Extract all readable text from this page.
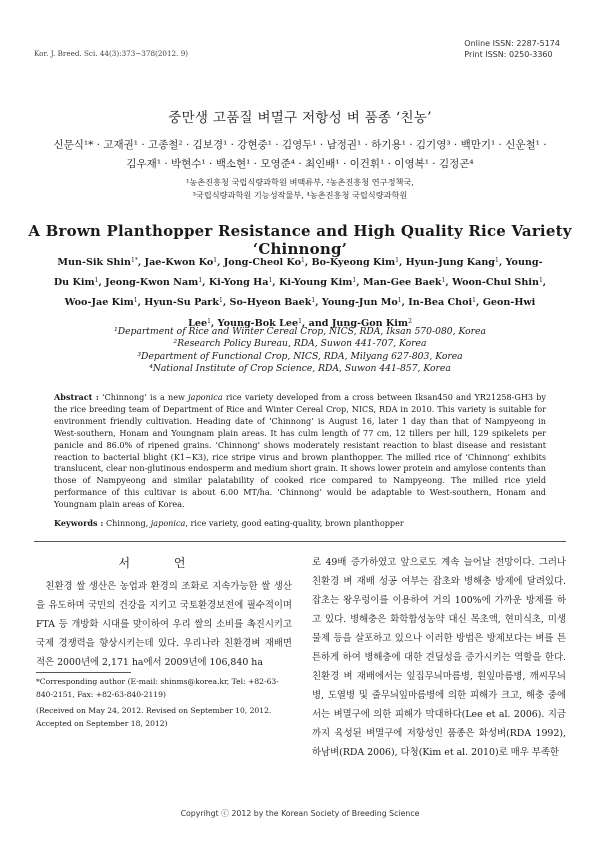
Online ISSN: 2287-5174
Print ISSN: 0250-3360
Kor. J. Breed. Sci. 44(3):373~378(2012. 9)
중만생 고품질 벼멸구 저항성 벼 품종 ‘친농’
신문식¹* · 고재권¹ · 고종철² · 김보경¹ · 강현중¹ · 김영두¹ · 남정권¹ · 하기용¹ · 김기영³ · 백만기¹ · 신운철¹ ·
김우재¹ · 박현수¹ · 백소현¹ · 모영준⁴ · 최인배¹ · 이건휘¹ · 이영복¹ · 김정곤⁴
¹농촌진흥청 국립식량과학원 벼맥류부, ²농촌진흥청 연구정책국,
³국립식량과학원 기능성작물부, ⁴농촌진흥청 국립식량과학원
A Brown Planthopper Resistance and High Quality Rice Variety ‘Chinnong’
Mun-Sik Shin$^{1*}$, Jae-Kwon Ko$^1$, Jong-Cheol Ko$^1$, Bo-Kyeong Kim$^1$, Hyun-Jung Kang$^1$, Young-Du Kim$^1$, Jeong-Kwon Nam$^1$, Ki-Yong Ha$^1$, Ki-Young Kim$^1$, Man-Gee Baek$^1$, Woon-Chul Shin$^1$, Woo-Jae Kim$^1$, Hyun-Su Park$^1$, So-Hyeon Baek$^1$, Young-Jun Mo$^1$, In-Bea Choi$^1$, Geon-Hwi Lee$^1$, Young-Bok Lee$^1$, and Jung-Gon Kim$^2$
¹Department of Rice and Winter Cereal Crop, NICS, RDA, Iksan 570-080, Korea
²Research Policy Bureau, RDA, Suwon 441-707, Korea
³Department of Functional Crop, NICS, RDA, Milyang 627-803, Korea
⁴National Institute of Crop Science, RDA, Suwon 441-857, Korea
Abstract : ‘Chinnong’ is a new japonica rice variety developed from a cross between Iksan450 and YR21258-GH3 by the rice breeding team of Department of Rice and Winter Cereal Crop, NICS, RDA in 2010. This variety is suitable for environment friendly cultivation. Heading date of ‘Chinnong’ is August 16, later 1 day than that of Nampyeong in West-southern, Honam and Youngnam plain areas. It has culm length of 77 cm, 12 tillers per hill, 129 spikelets per panicle and 86.0% of ripened grains. ‘Chinnong’ shows moderately resistant reaction to blast disease and resistant reaction to bacterial blight (K1~K3), rice stripe virus and brown planthopper. The milled rice of ‘Chinnong’ exhibits translucent, clear non-glutinous endosperm and medium short grain. It shows lower protein and amylose contents than those of Nampyeong and similar palatability of cooked rice compared to Nampyeong. The milled rice yield performance of this cultivar is about 6.00 MT/ha. ‘Chinnong’ would be adaptable to West-southern, Honam and Youngnam plain areas of Korea.
Keywords : Chinnong, japonica, rice variety, good eating-quality, brown planthopper
서 언

친환경 쌀 생산은 농업과 환경의 조화로 지속가능한 쌀 생산을 유도하며 국민의 건강을 지키고 국토환경보전에 필수적이며 FTA 등 개방화 시대를 맞이하여 우리 쌀의 소비를 촉진시키고 국제 경쟁력을 향상시키는데 있다. 우리나라 친환경벼 재배면적은 2000년에 2,171 ha에서 2009년에 106,840 ha

로 49배 증가하였고 앞으로도 계속 늘어날 전망이다. 그러나 친환경 벼 재배 성공 여부는 잡초와 병해충 방제에 달려있다. 잡초는 왕우렁이를 이용하여 거의 100%에 가까운 방제를 하고 있다. 병해충은 화학합성농약 대신 목초액, 현미식초, 미생물제 등을 살포하고 있으나 이러한 방법은 방제보다는 벼를 튼튼하게 하여 병해충에 대한 견딜성을 증가시키는 역할을 한다. 친환경 벼 재배에서는 잎집무늬마름병, 흰잎마름병, 깨씨무늬병, 도열병 및 줄무늬잎마름병에 의한 피해가 크고, 해충 중에서는 벼멸구에 의한 피해가 막대하다(Lee et al. 2006). 지금까지 육성된 벼멸구에 저항성인 품종은 화성벼(RDA 1992), 하남벼(RDA 2006), 다청(Kim et al. 2010)로 매우 부족한

*Corresponding author (E-mail: shinms@korea.kr, Tel: +82-63-840-2151, Fax: +82-63-840-2119)

(Received on May 24, 2012. Revised on September 10, 2012. Accepted on September 18, 2012)

Copyrihgt ⓒ 2012 by the Korean Society of Breeding Science
